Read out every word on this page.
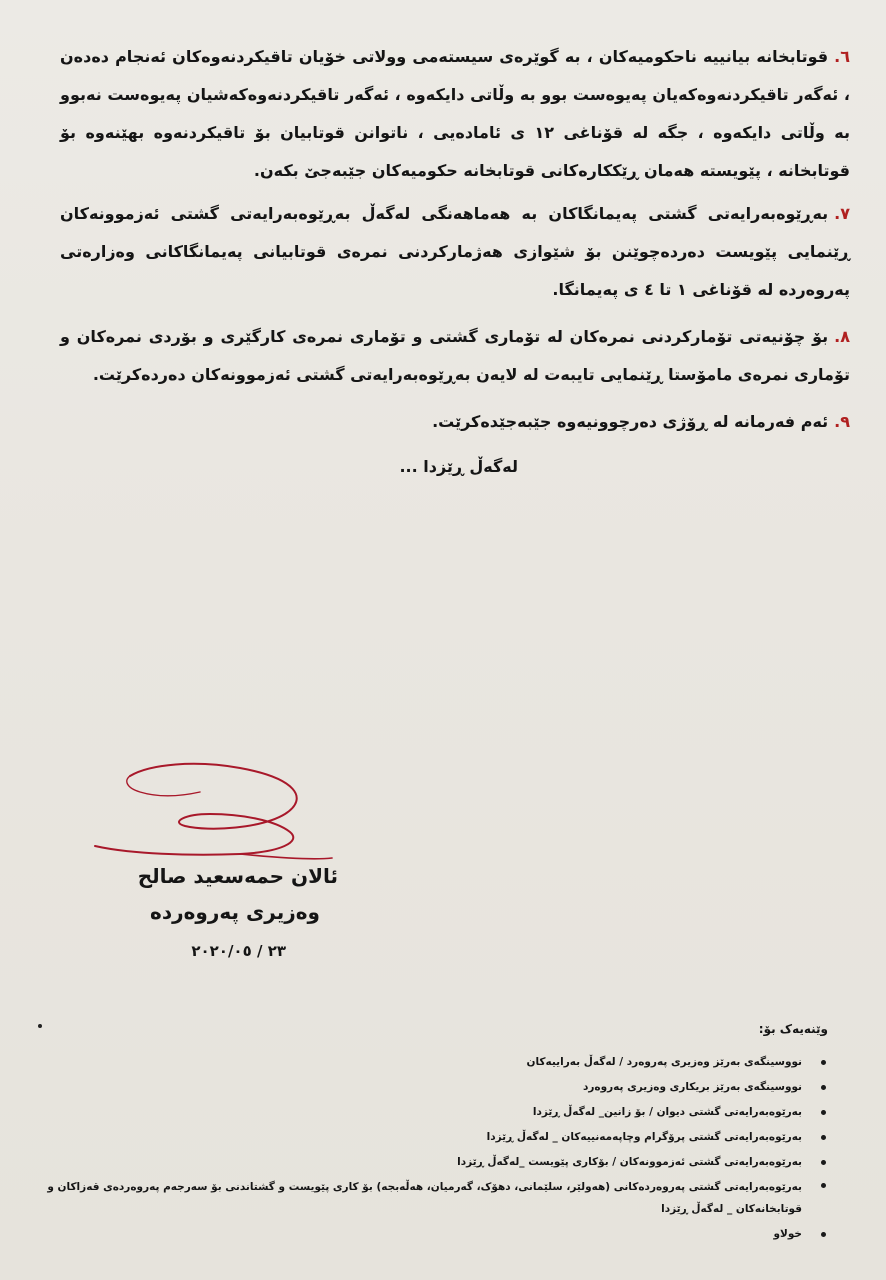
٦.قوتابخانە بیانییە ناحکومیەکان ، بە گوێرەی سیستەمی وولاتی خۆیان تاقیکردنەوەکان ئەنجام دەدەن ، ئەگەر تاقیکردنەوەکەیان پەیوەست بوو بە وڵاتی دایکەوە ، ئەگەر تاقیکردنەوەکەشیان پەیوەست نەبوو بە وڵاتی دایکەوە ، جگە لە قۆناغی ١٢ ی ئامادەیی ، ناتوانن قوتابیان بۆ تاقیکردنەوە بهێنەوە بۆ قوتابخانە ، پێویستە هەمان ڕێککارەکانی قوتابخانە حکومیەکان جێبەجێ بکەن.
٧.بەڕێوەبەرایەتی گشتی پەیمانگاکان بە هەماهەنگی لەگەڵ بەڕێوەبەرایەتی گشتی ئەزموونەکان ڕێنمایی پێویست دەردەچوێنن بۆ شێوازی هەژمارکردنی نمرەی قوتابیانی پەیمانگاکانی وەزارەتی پەروەردە لە قۆناغی ١ تا ٤ ی پەیمانگا.
٨.بۆ چۆنیەتی تۆمارکردنی نمرەکان لە تۆماری گشتی و تۆماری نمرەی کارگێری و بۆردی نمرەکان و تۆماری نمرەی مامۆستا ڕێنمایی تایبەت لە لایەن بەڕێوەبەرایەتی گشتی ئەزموونەکان دەردەکرێت.
٩.ئەم فەرمانە لە ڕۆژی دەرچوونیەوە جێبەجێدەکرێت.
لەگەڵ ڕێزدا ...
ئالان حمەسعید صالح
وەزیری پەروەردە
٢٣ / ٢٠٢٠/٠٥
وێنەیەک بۆ:
نووسینگەی بەرێز وەزیری پەروەرد / لەگەڵ بەراییەکان
نووسینگەی بەرێز بریکاری وەزیری پەروەرد
بەرێوەبەرایەتی گشتی دیوان / بۆ زانین_ لەگەڵ ڕێزدا
بەرێوەبەرایەتی گشتی پرۆگرام وچاپەمەنییەکان _ لەگەڵ ڕێزدا
بەرێوەبەرایەتی گشتی ئەزموونەکان / بۆکاری پێویست _لەگەڵ ڕێزدا
بەرێوەبەرایەتی گشتی پەروەردەکانی (هەولێر، سلێمانی، دهۆک، گەرمیان، هەڵەبجە) بۆ کاری پێویست و گشتاندنی بۆ سەرجەم پەروەردەی قەزاکان و قوتابخانەکان _ لەگەڵ ڕێزدا
خولاو
